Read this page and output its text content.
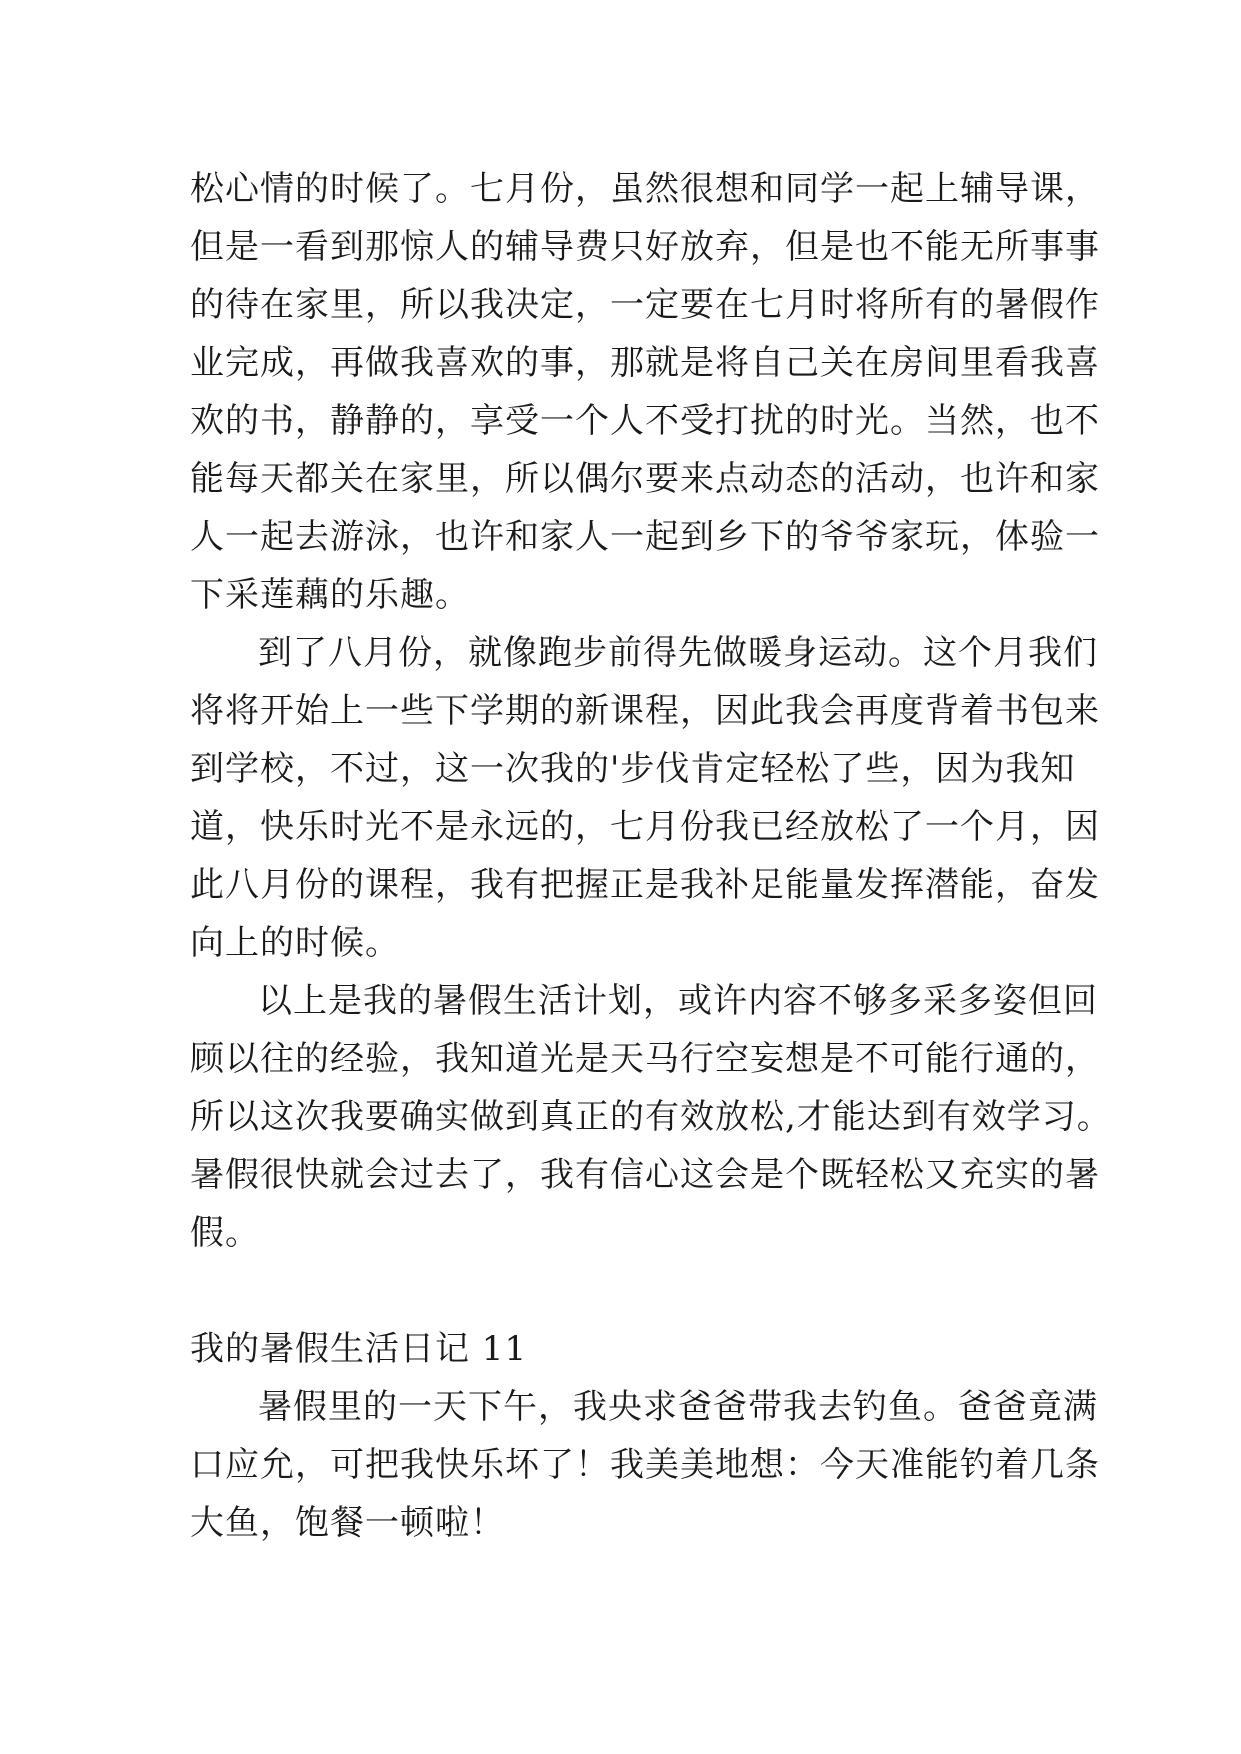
松心情的时候了。七月份，虽然很想和同学一起上辅导课，
但是一看到那惊人的辅导费只好放弃，但是也不能无所事事
的待在家里，所以我决定，一定要在七月时将所有的暑假作
业完成，再做我喜欢的事，那就是将自己关在房间里看我喜
欢的书，静静的，享受一个人不受打扰的时光。当然，也不
能每天都关在家里，所以偶尔要来点动态的活动，也许和家
人一起去游泳，也许和家人一起到乡下的爷爷家玩，体验一
下采莲藕的乐趣。
到了八月份，就像跑步前得先做暖身运动。这个月我们
将将开始上一些下学期的新课程，因此我会再度背着书包来
到学校，不过，这一次我的'步伐肯定轻松了些，因为我知
道，快乐时光不是永远的，七月份我已经放松了一个月，因
此八月份的课程，我有把握正是我补足能量发挥潜能，奋发
向上的时候。
以上是我的暑假生活计划，或许内容不够多采多姿但回
顾以往的经验，我知道光是天马行空妄想是不可能行通的，
所以这次我要确实做到真正的有效放松,才能达到有效学习。
暑假很快就会过去了，我有信心这会是个既轻松又充实的暑
假。
我的暑假生活日记 11
暑假里的一天下午，我央求爸爸带我去钓鱼。爸爸竟满
口应允，可把我快乐坏了！我美美地想：今天准能钓着几条
大鱼，饱餐一顿啦！
